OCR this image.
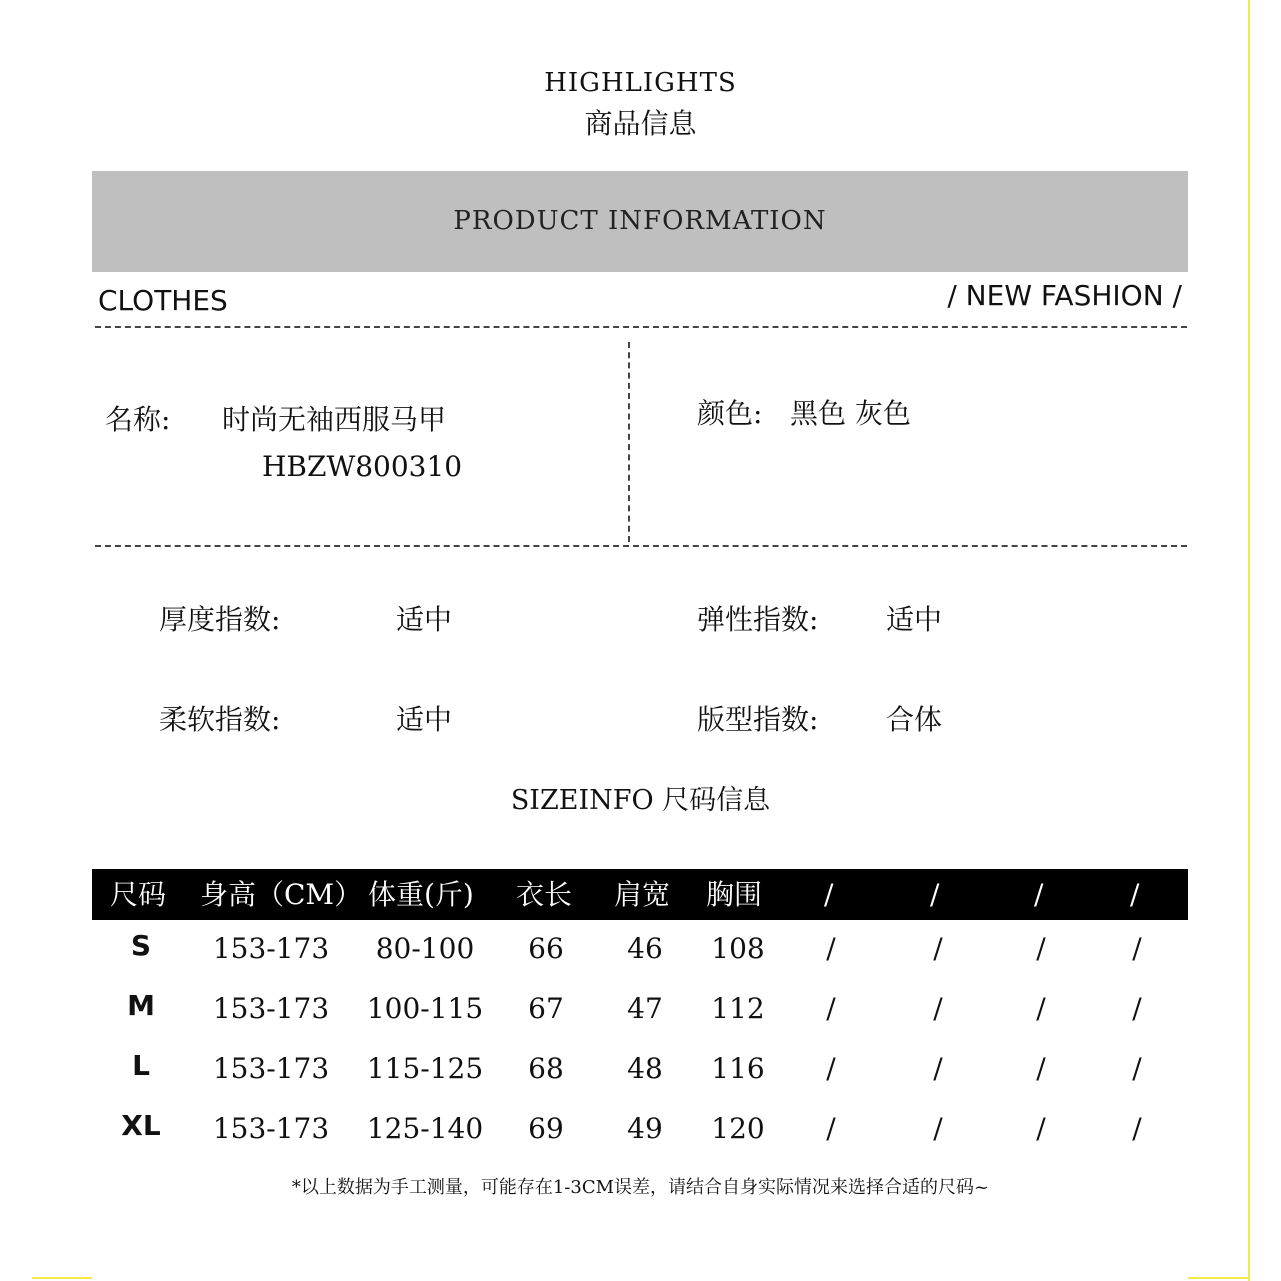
HIGHLIGHTS
商品信息
PRODUCT INFORMATION
CLOTHES	/ NEW FASHION /
名称: 时尚无袖西服马甲
HBZW800310
颜色: 黑色 灰色
厚度指数:	适中	弹性指数: 适中
柔软指数:	适中	版型指数: 合体
SIZEINFO 尺码信息
尺码 身高（CM） 体重(斤) 衣长 肩宽 胸围 /	/	/	/
S	153-173	80-100	66	46	108	/	/	/	/
M	153-173 100-115	67	47	112	/	/	/	/
L	153-173 115-125	68	48	116	/	/	/	/
XL	153-173 125-140	69	49	120	/	/	/	/
*以上数据为手工测量，可能存在1-3CM误差，请结合自身实际情况来选择合适的尺码~
